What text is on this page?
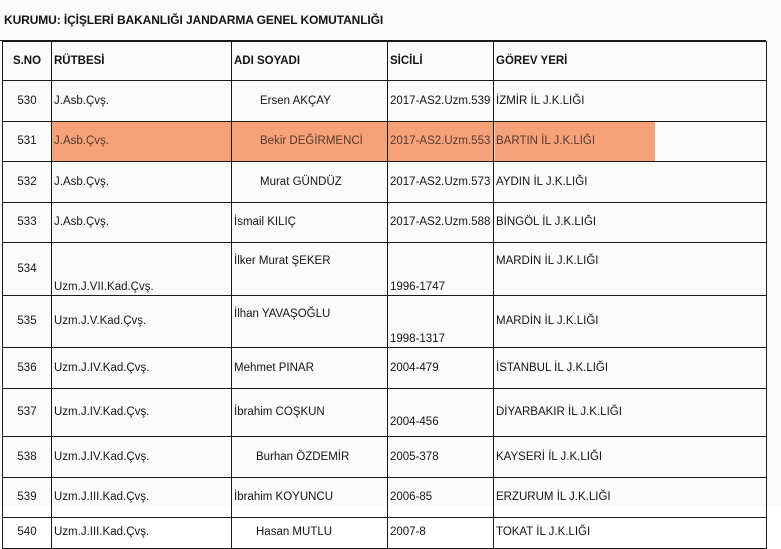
KURUMU: İÇİŞLERİ BAKANLIĞI JANDARMA GENEL KOMUTANLIĞI
S.NO	RÜTBESİ	ADI SOYADI	SİCİLİ	GÖREV YERİ
530	J.Asb.Çvş.	Ersen AKÇAY	2017-AS2.Uzm.539	İZMİR İL J.K.LIĞI
531	J.Asb.Çvş.	Bekir DEĞİRMENCİ	2017-AS2.Uzm.553	BARTIN İL J.K.LIĞI
532	J.Asb.Çvş.	Murat GÜNDÜZ	2017-AS2.Uzm.573	AYDIN İL J.K.LIĞI
533	J.Asb.Çvş.	İsmail KILIÇ	2017-AS2.Uzm.588	BİNGÖL İL J.K.LIĞI
534	Uzm.J.VII.Kad.Çvş.	İlker Murat ŞEKER	1996-1747	MARDİN İL J.K.LIĞI
535	Uzm.J.V.Kad.Çvş.	İlhan YAVAŞOĞLU	1998-1317	MARDİN İL J.K.LIĞI
536	Uzm.J.IV.Kad.Çvş.	Mehmet PINAR	2004-479	İSTANBUL İL J.K.LIĞI
537	Uzm.J.IV.Kad.Çvş.	İbrahim COŞKUN	2004-456	DİYARBAKIR İL J.K.LIĞI
538	Uzm.J.IV.Kad.Çvş.	Burhan ÖZDEMİR	2005-378	KAYSERİ İL J.K.LIĞI
539	Uzm.J.III.Kad.Çvş.	İbrahim KOYUNCU	2006-85	ERZURUM İL J.K.LIĞI
540	Uzm.J.III.Kad.Çvş.	Hasan MUTLU	2007-8	TOKAT İL J.K.LIĞI
